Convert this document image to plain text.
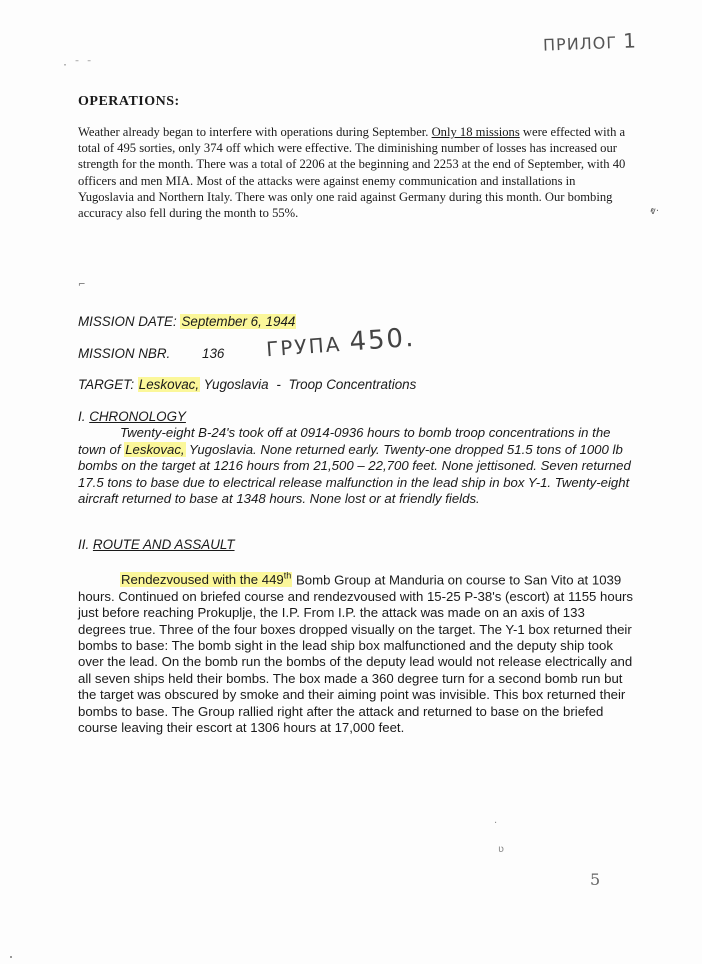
ПРИЛОГ 1
· ˉ ˉ
OPERATIONS:
Weather already began to interfere with operations during September. Only 18 missions were effected with a total of 495 sorties, only 374 off which were effective. The diminishing number of losses has increased our strength for the month. There was a total of 2206 at the beginning and 2253 at the end of September, with 40 officers and men MIA. Most of the attacks were against enemy communication and installations in Yugoslavia and Northern Italy. There was only one raid against Germany during this month. Our bombing accuracy also fell during the month to 55%.	ⱴ·
⌐
MISSION DATE: September 6, 1944
MISSION NBR. 136 ГРУПА 450.
TARGET: Leskovac, Yugoslavia - Troop Concentrations
I. CHRONOLOGY
Twenty-eight B-24's took off at 0914-0936 hours to bomb troop concentrations in the town of Leskovac, Yugoslavia. None returned early. Twenty-one dropped 51.5 tons of 1000 lb bombs on the target at 1216 hours from 21,500 – 22,700 feet. None jettisoned. Seven returned 17.5 tons to base due to electrical release malfunction in the lead ship in box Y-1. Twenty-eight aircraft returned to base at 1348 hours. None lost or at friendly fields.
II. ROUTE AND ASSAULT
Rendezvoused with the 449th Bomb Group at Manduria on course to San Vito at 1039 hours. Continued on briefed course and rendezvoused with 15-25 P-38's (escort) at 1155 hours just before reaching Prokuplje, the I.P. From I.P. the attack was made on an axis of 133 degrees true. Three of the four boxes dropped visually on the target. The Y-1 box returned their bombs to base: The bomb sight in the lead ship box malfunctioned and the deputy ship took over the lead. On the bomb run the bombs of the deputy lead would not release electrically and all seven ships held their bombs. The box made a 360 degree turn for a second bomb run but the target was obscured by smoke and their aiming point was invisible. This box returned their bombs to base. The Group rallied right after the attack and returned to base on the briefed course leaving their escort at 1306 hours at 17,000 feet.
·
ʋ
5
